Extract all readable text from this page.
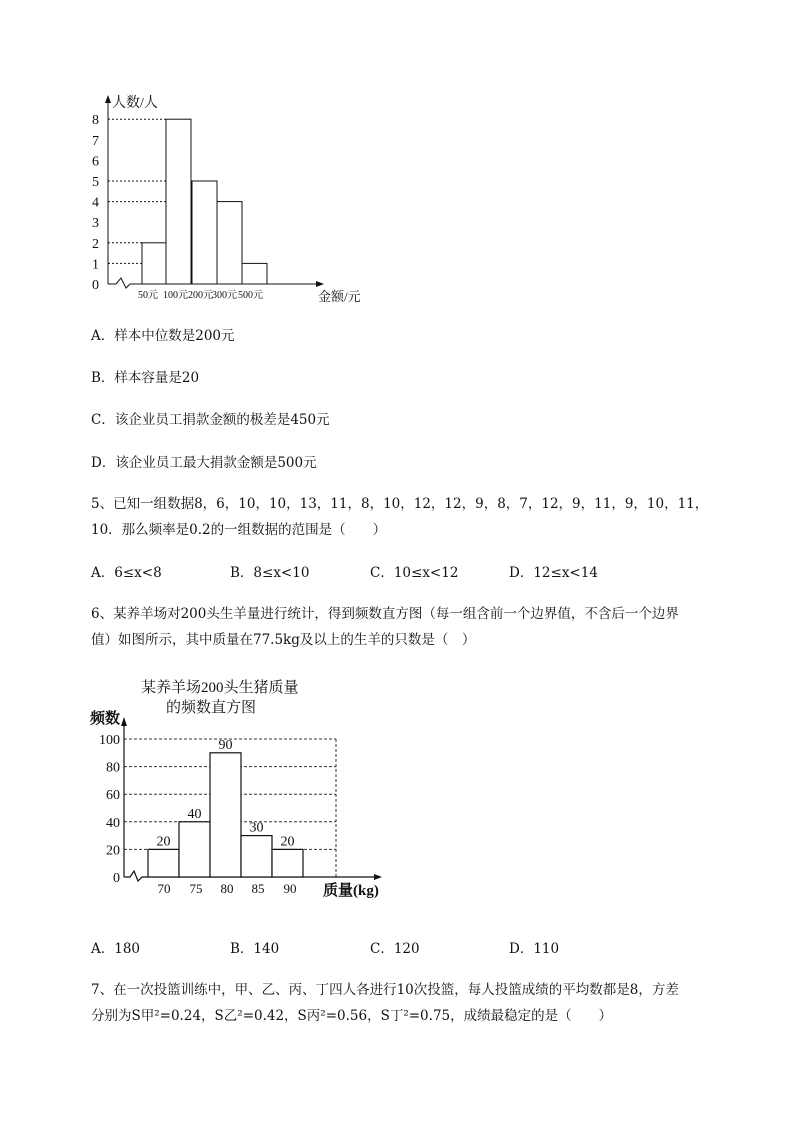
人数/人
金额/元
0
1
2
3
4
5
6
7
8
50元 100元 200元 300元 500元
A．样本中位数是200元
B．样本容量是20
C．该企业员工捐款金额的极差是450元
D．该企业员工最大捐款金额是500元
5、已知一组数据8，6，10，10，13，11，8，10，12，12，9，8，7，12，9，11，9，10，11，
10．那么频率是0.2的一组数据的范围是（　　）
A．6≤x<8	B．8≤x<10	C．10≤x<12	D．12≤x<14
6、某养羊场对200头生羊量进行统计，得到频数直方图（每一组含前一个边界值，不含后一个边界
值）如图所示，其中质量在77.5kg及以上的生羊的只数是（　）
某养羊场200头生猪质量
的频数直方图
频数
质量(kg)
0
20
40
60
80
100
20
40
90
30
20
70 75 80 85 90
A．180	B．140	C．120	D．110
7、在一次投篮训练中，甲、乙、丙、丁四人各进行10次投篮，每人投篮成绩的平均数都是8，方差
分别为S甲²=0.24，S乙²=0.42，S丙²=0.56，S丁²=0.75，成绩最稳定的是（　　）
